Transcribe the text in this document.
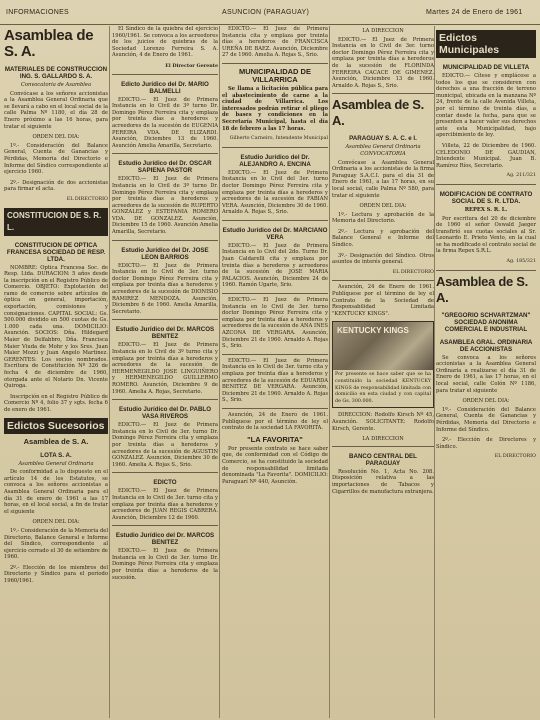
INFORMACIONES	ASUNCION (PARAGUAY)	Martes 24 de Enero de 1961
Asamblea de S. A.
MATERIALES DE CONSTRUCCION ING. S. GALLARDO S. A.
Convocatoria de Asamblea

Convócase a los señores accionistas a la Asamblea General Ordinaria que se llevará a cabo en el local social de la calle Palma Nº 1180, el día 28 de Enero próximo a las 16 horas, para tratar el siguiente

ORDEN DEL DIA:

1º.- Consideración del Balance General, Cuenta de Ganancias y Pérdidas, Memoria del Directorio e Informe del Síndico correspondiente al ejercicio 1960.

2º.- Designación de dos accionistas para firmar el acta.

EL DIRECTORIO
CONSTITUCION DE S. R. L.
CONSTITUCION DE OPTICA FRANCESA SOCIEDAD DE RESP. LTDA.

NOMBRE: Optica Francesa Soc. de Resp. Ltda. DURACION: 5 años desde la inscripción en el Registro Público de Comercio. OBJETO: Explotación del ramo de comercio sobre artículos de óptica en general, importación, exportación, comisiones y consignaciones. CAPITAL SOCIAL: Gs. 500.000 dividido en 500 cuotas de Gs. 1.000 cada una. DOMICILIO: Asunción. SOCIOS: Dña. Hildegard Maier de Delfabbro, Dña. Francisca Maier Viuda de Mohr y los Sres. Juan Maier Mozzi y Juan Angelo Martinez. GERENTES: Los socios nombrados. Escritura de Constitución Nº 326 de fecha 4 de diciembre de 1960, otorgada ante el Notario Dn. Vicente Quiroga.

Inscripción en el Registro Público de Comercio Nº 4, folio 37 y sgts. fecha 6 de enero de 1961.

Edictos Sucesorios
Asamblea de S. A.
LOTA S. A.
Asamblea General Ordinaria

De conformidad a lo dispuesto en el artículo 14 de los Estatutos, se convoca a los señores accionistas a Asamblea General Ordinaria para el día 31 de enero de 1961 a las 17 horas, en el local social, a fin de tratar el siguiente

ORDEN DEL DIA:

1º.- Consideración de la Memoria del Directorio, Balance General e Informe del Síndico, correspondiente al ejercicio cerrado el 30 de setiembre de 1960.

2º.- Elección de los miembros del Directorio y Síndico para el período 1960/1961.

El Síndico de la quiebra del ejercicio 1960/1961. Se convoca a los acreedores de los juicios de quiebras de la Sociedad Lorenzo Ferreira S. A. Asunción, 4 de Enero de 1961.

El Director Gerente
Edicto Jurídico del Dr. MARIO BALMELLI

EDICTO.— El Juez de Primera Instancia en lo Civil de 3º turno Dr. Domingo Pérez Ferreira cita y emplaza por treinta días a herederos y acreedores de la sucesión de EUGENIA PEREIRA VDA. DE ELIZARDI. Asunción, Diciembre 13 de 1960. Asunción Amelia Amarilla, Secretario.

Estudio Jurídico del Dr. OSCAR SAPIENA PASTOR

EDICTO.— El Juez de Primera Instancia en lo Civil de 3º turno Dr. Domingo Pérez Ferreira cita y emplaza por treinta días a herederos y acreedores de la sucesión de RUPERTO GONZALEZ y ESTEFANIA ROMERO VDA. DE GONZALEZ. Asunción, Diciembre 15 de 1960. Asunción Amelia Amarilla, Secretario.

Estudio Jurídico del Dr. JOSE LEON BARRIOS

EDICTO.— El Juez de Primera Instancia en lo Civil de 3er. turno doctor Domingo Pérez Ferreira cita y emplaza por treinta días a herederos y acreedores de la sucesión de DIONISIO RAMIREZ MENDOZA. Asunción, Diciembre 6 de 1960. Amelia Amarilla, Secretario.

Estudio Jurídico del Dr. MARCOS BENITEZ

EDICTO.— El Juez de Primera Instancia en lo Civil de 3º turno cita y emplaza por treinta días a herederos y acreedores de la sucesión de HERMENEGILDO JOSE LINGUIÑERO y HERMENEGILDO GUILLERMO ROMERO. Asunción, Diciembre 9 de 1960. Amelia A. Rojas, Secretario.

Estudio Jurídico del Dr. PABLO VASA RIVEROS

EDICTO.— El Juez de Primera Instancia en lo Civil de 3er. turno Dr. Domingo Pérez Ferreira cita y emplaza por treinta días a herederos y acreedores de la sucesión de AGUSTIN GONZALEZ. Asunción, Diciembre 30 de 1960. Amelia A. Rojas S., Srio.

EDICTO

EDICTO.— El Juez de Primera Instancia en lo Civil de 3er. turno cita y emplaza por treinta días a herederos y acreedores de JUAN REGIS CABRERA. Asunción, Diciembre 12 de 1960.

Estudio Jurídico del Dr. MARCOS BENITEZ

EDICTO.— El Juez de Primera Instancia en lo Civil de 3er. turno Dr. Domingo Pérez Ferreira cita y emplaza por treinta días a herederos de la sucesión.

EDICTO.— El Juez de Primera Instancia cita y emplaza por treinta días a herederos de FRANCISCA UREÑA DE BAEZ. Asunción, Diciembre 27 de 1960. Amelia A. Rojas S., Srio.

MUNICIPALIDAD DE VILLARRICA

Se llama a licitación pública para el abastecimiento de carne a la ciudad de Villarrica. Los interesados podrán retirar el pliego de bases y condiciones en la Secretaría Municipal, hasta el día 18 de febrero a las 17 horas.

Gilberto Carneiro, Intendente Municipal
Estudio Jurídico del Dr. ALEJANDRO A. ENCINA

EDICTO.— El Juez de Primera Instancia en lo Civil del 3er. turno doctor Domingo Pérez Ferreira cita y emplaza por treinta días a herederos y acreedores de la sucesión de FABIAN VERA. Asunción, Diciembre 30 de 1960. Arnaldo A. Rojas S., Srio.

Estudio Jurídico del Dr. MARCIANO VERA

EDICTO.— El Juez de Primera Instancia en lo Civil del 2do. Turno Dr. Juan Caldarelli cita y emplaza por treinta días a herederos y acreedores de la sucesión de JOSE MARIA PALACIOS. Asunción, Diciembre 24 de 1960. Ramón Ugarte, Srio.

EDICTO.— El Juez de Primera Instancia en lo Civil de 3er. turno doctor Domingo Pérez Ferreira cita y emplaza por treinta días a herederos y acreedores de la sucesión de ANA INES AZCONA DE VERGARA. Asunción, Diciembre 21 de 1960. Arnaldo A. Rojas S., Srio.

EDICTO.— El Juez de Primera Instancia en lo Civil de 3er. turno cita y emplaza por treinta días a herederos y acreedores de la sucesión de EDUARDA BENITEZ DE VERGARA. Asunción, Diciembre 21 de 1960. Arnaldo A. Rojas S., Srio.

Asunción, 24 de Enero de 1961. Publíquese por el término de ley el contrato de la sociedad LA FAVORITA.

"LA FAVORITA"

Por presente contrato se hace saber que, de conformidad con el Código de Comercio, se ha constituido la sociedad de responsabilidad limitada denominada "La Favorita". DOMICILIO: Paraguarí Nº 440, Asunción.

LA DIRECCION

EDICTO.— El Juez de Primera Instancia en lo Civil de 3er. turno doctor Domingo Pérez Ferreira cita y emplaza por treinta días a herederos de la sucesión de FLORINDA FERREIRA CACACE DE GIMENEZ. Asunción, Diciembre 13 de 1960. Arnaldo A. Rojas S., Srio.

Asamblea de S. A.
PARAGUAY S. A. C. e I.
Asamblea General Ordinaria CONVOCATORIA

Convócase a Asamblea General Ordinaria a los accionistas de la firma Paraguay S.A.C.I. para el día 31 de Enero de 1961, a las 17 horas, en su local social, calle Palma Nº 580, para tratar el siguiente

ORDEN DEL DIA:

1º.- Lectura y aprobación de la Memoria del Directorio.

2º.- Lectura y aprobación del Balance General e Informe del Síndico.

3º.- Designación del Síndico. Otros asuntos de interés general.

EL DIRECTORIO

Asunción, 24 de Enero de 1961. Publíquese por el término de ley el Contrato de la Sociedad de Responsabilidad Limitada "KENTUCKY KINGS".

KENTUCKY KINGS
Por presente se hace saber que se ha constituido la sociedad KENTUCKY KINGS de responsabilidad limitada con domicilio en esta ciudad y con capital de Gs. 300.000.

DIRECCION: Rodolfo Kirsch Nº 45, Asunción. SOLICITANTE: Rodolfo Kirsch, Gerente.

LA DIRECCION
BANCO CENTRAL DEL PARAGUAY

Resolución No. 1, Acta No. 208. Disposición relativa a las importaciones de Tabacos y Cigarrillos de manufactura extranjera.

Edictos Municipales
MUNICIPALIDAD DE VILLETA

EDICTO.— Cítese y emplácese a todos los que se consideren con derechos a una fracción de terreno municipal, ubicada en la manzana Nº 24, frente de la calle Avenida Villeta, por el término de treinta días, a contar desde la fecha, para que se presenten a hacer valer sus derechos ante esta Municipalidad, bajo apercibimiento de ley.

Villeta, 22 de Diciembre de 1960. CELEDONIO DE GAUDIAN, Intendente Municipal. Juan B. Ramírez Ríos, Secretario.

Ag. 211/321
MODIFICACION DE CONTRATO SOCIAL DE S. R. LTDA.
REPEX S. R. L.

Por escritura del 20 de diciembre de 1960 el señor Oswald Jaeger transfirió sus cuotas sociales al Sr. Leonardo E. Prieto Vento, en la cual se ha modificado el contrato social de la firma Repex S.R.L.

Ag. 185/321
Asamblea de S. A.
"GREGORIO SCHVARTZMAN" SOCIEDAD ANONIMA COMERCIAL E INDUSTRIAL
ASAMBLEA GRAL. ORDINARIA DE ACCIONISTAS

Se convoca a los señores accionistas a la Asamblea General Ordinaria a realizarse el día 31 de Enero de 1961, a las 17 horas, en el local social, calle Colón Nº 1186, para tratar el siguiente

ORDEN DEL DIA:

1º.- Consideración del Balance General, Cuenta de Ganancias y Pérdidas, Memoria del Directorio e Informe del Síndico.

2º.- Elección de Directores y Síndico.

EL DIRECTORIO
